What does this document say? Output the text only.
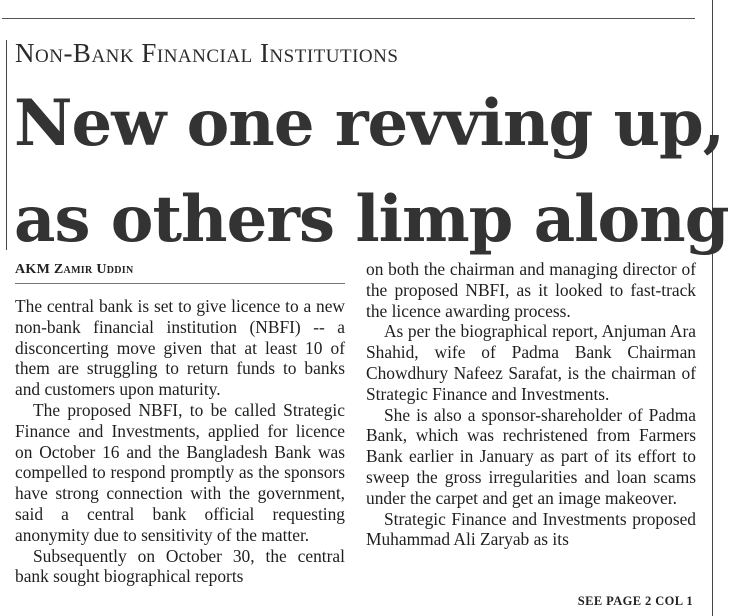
Non-Bank Financial Institutions
New one revving up,
as others limp along
AKM Zamir Uddin

The central bank is set to give licence to a new non-bank financial institution (NBFI) -- a disconcerting move given that at least 10 of them are struggling to return funds to banks and customers upon maturity.

The proposed NBFI, to be called Strategic Finance and Investments, applied for licence on October 16 and the Bangladesh Bank was compelled to respond promptly as the sponsors have strong connection with the government, said a central bank official requesting anonymity due to sensitivity of the matter.

Subsequently on October 30, the central bank sought biographical reports

on both the chairman and managing director of the proposed NBFI, as it looked to fast-track the licence awarding process.

As per the biographical report, Anjuman Ara Shahid, wife of Padma Bank Chairman Chowdhury Nafeez Sarafat, is the chairman of Strategic Finance and Investments.

She is also a sponsor-shareholder of Padma Bank, which was rechristened from Farmers Bank earlier in January as part of its effort to sweep the gross irregularities and loan scams under the carpet and get an image makeover.

Strategic Finance and Investments proposed Muhammad Ali Zaryab as its

SEE PAGE 2 COL 1
